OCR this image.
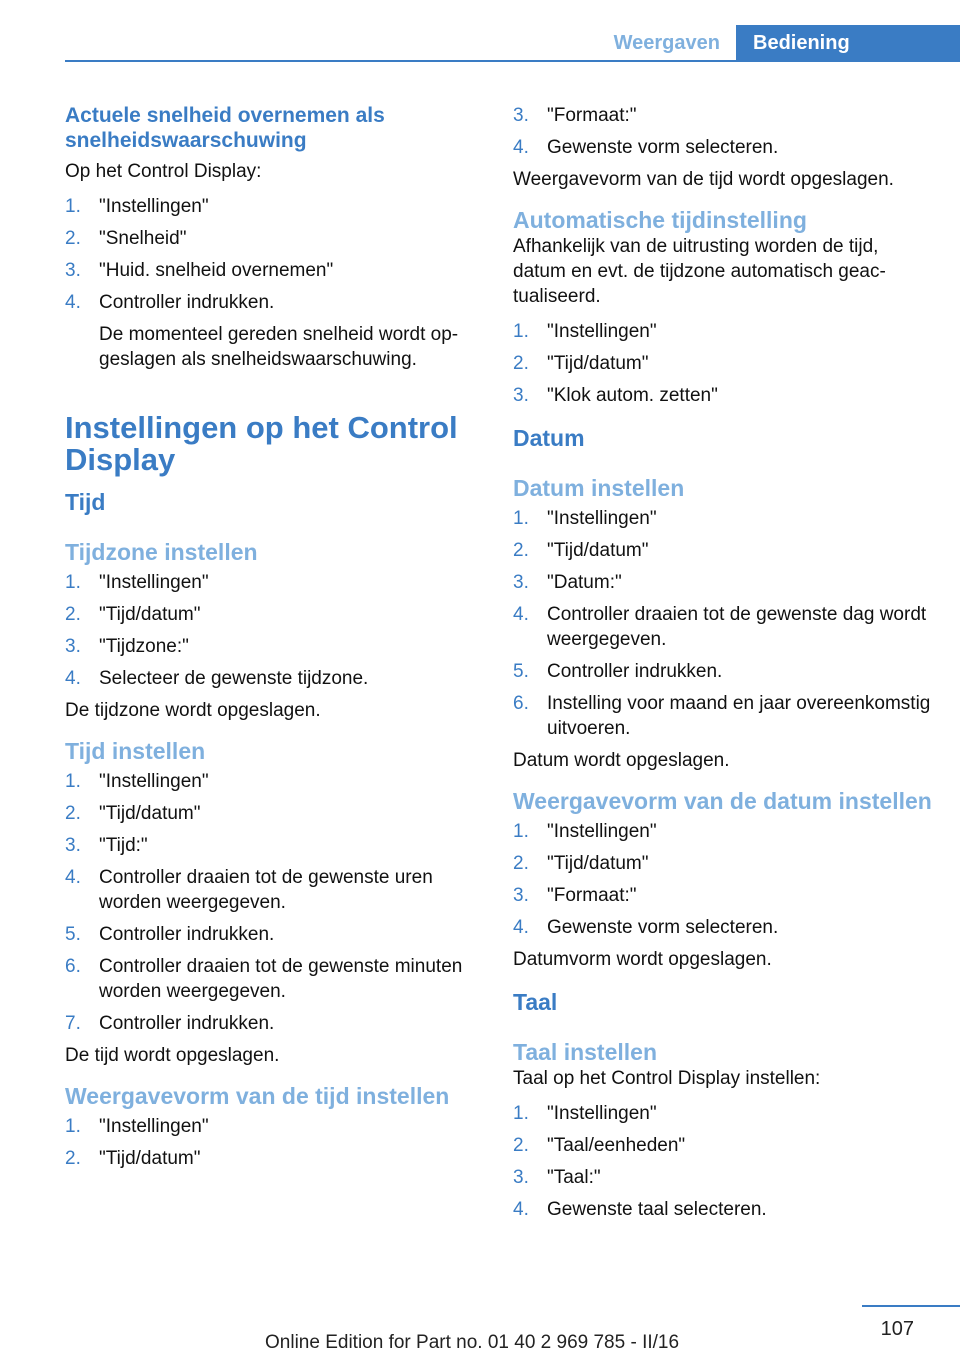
Weergaven	Bediening
Actuele snelheid overnemen als snelheidswaarschuwing

Op het Control Display:

1. "Instellingen"
2. "Snelheid"
3. "Huid. snelheid overnemen"
4. Controller indrukken.
De momenteel gereden snelheid wordt opgeslagen als snelheidswaarschuwing.
Instellingen op het Control Display
Tijd
Tijdzone instellen
1. "Instellingen"
2. "Tijd/datum"
3. "Tijdzone:"
4. Selecteer de gewenste tijdzone.

De tijdzone wordt opgeslagen.

Tijd instellen
1. "Instellingen"
2. "Tijd/datum"
3. "Tijd:"
4. Controller draaien tot de gewenste uren worden weergegeven.
5. Controller indrukken.
6. Controller draaien tot de gewenste minuten worden weergegeven.
7. Controller indrukken.

De tijd wordt opgeslagen.

Weergavevorm van de tijd instellen
1. "Instellingen"
2. "Tijd/datum"
3. "Formaat:"
4. Gewenste vorm selecteren.

Weergavevorm van de tijd wordt opgeslagen.

Automatische tijdinstelling

Afhankelijk van de uitrusting worden de tijd, datum en evt. de tijdzone automatisch geactualiseerd.

1. "Instellingen"
2. "Tijd/datum"
3. "Klok autom. zetten"
Datum
Datum instellen
1. "Instellingen"
2. "Tijd/datum"
3. "Datum:"
4. Controller draaien tot de gewenste dag wordt weergegeven.
5. Controller indrukken.
6. Instelling voor maand en jaar overeenkomstig uitvoeren.

Datum wordt opgeslagen.

Weergavevorm van de datum instellen
1. "Instellingen"
2. "Tijd/datum"
3. "Formaat:"
4. Gewenste vorm selecteren.

Datumvorm wordt opgeslagen.

Taal
Taal instellen

Taal op het Control Display instellen:

1. "Instellingen"
2. "Taal/eenheden"
3. "Taal:"
4. Gewenste taal selecteren.
107
Online Edition for Part no. 01 40 2 969 785 - II/16
